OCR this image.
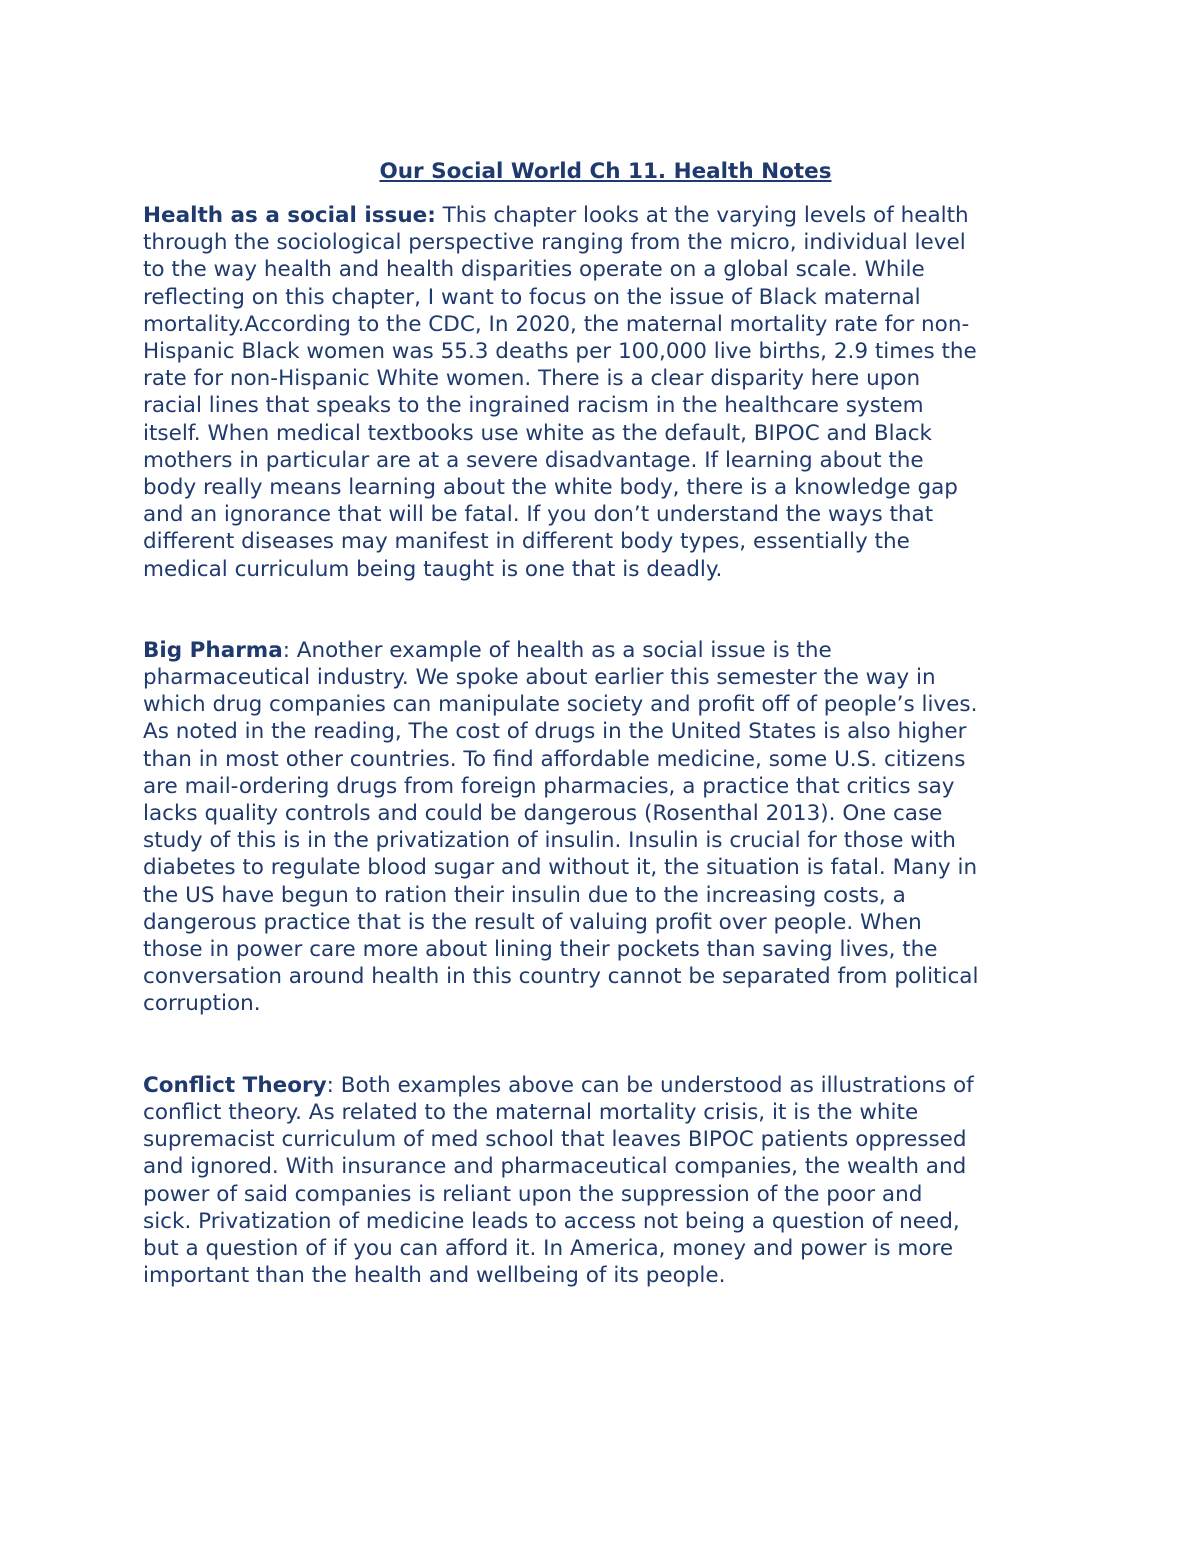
Our Social World Ch 11. Health Notes

Health as a social issue: This chapter looks at the varying levels of health
through the sociological perspective ranging from the micro, individual level
to the way health and health disparities operate on a global scale. While
reflecting on this chapter, I want to focus on the issue of Black maternal
mortality.According to the CDC, In 2020, the maternal mortality rate for non-
Hispanic Black women was 55.3 deaths per 100,000 live births, 2.9 times the
rate for non-Hispanic White women. There is a clear disparity here upon
racial lines that speaks to the ingrained racism in the healthcare system
itself. When medical textbooks use white as the default, BIPOC and Black
mothers in particular are at a severe disadvantage. If learning about the
body really means learning about the white body, there is a knowledge gap
and an ignorance that will be fatal. If you don’t understand the ways that
different diseases may manifest in different body types, essentially the
medical curriculum being taught is one that is deadly.

Big Pharma: Another example of health as a social issue is the
pharmaceutical industry. We spoke about earlier this semester the way in
which drug companies can manipulate society and profit off of people’s lives.
As noted in the reading, The cost of drugs in the United States is also higher
than in most other countries. To find affordable medicine, some U.S. citizens
are mail-ordering drugs from foreign pharmacies, a practice that critics say
lacks quality controls and could be dangerous (Rosenthal 2013). One case
study of this is in the privatization of insulin. Insulin is crucial for those with
diabetes to regulate blood sugar and without it, the situation is fatal. Many in
the US have begun to ration their insulin due to the increasing costs, a
dangerous practice that is the result of valuing profit over people. When
those in power care more about lining their pockets than saving lives, the
conversation around health in this country cannot be separated from political
corruption.

Conflict Theory: Both examples above can be understood as illustrations of
conflict theory. As related to the maternal mortality crisis, it is the white
supremacist curriculum of med school that leaves BIPOC patients oppressed
and ignored. With insurance and pharmaceutical companies, the wealth and
power of said companies is reliant upon the suppression of the poor and
sick. Privatization of medicine leads to access not being a question of need,
but a question of if you can afford it. In America, money and power is more
important than the health and wellbeing of its people.
